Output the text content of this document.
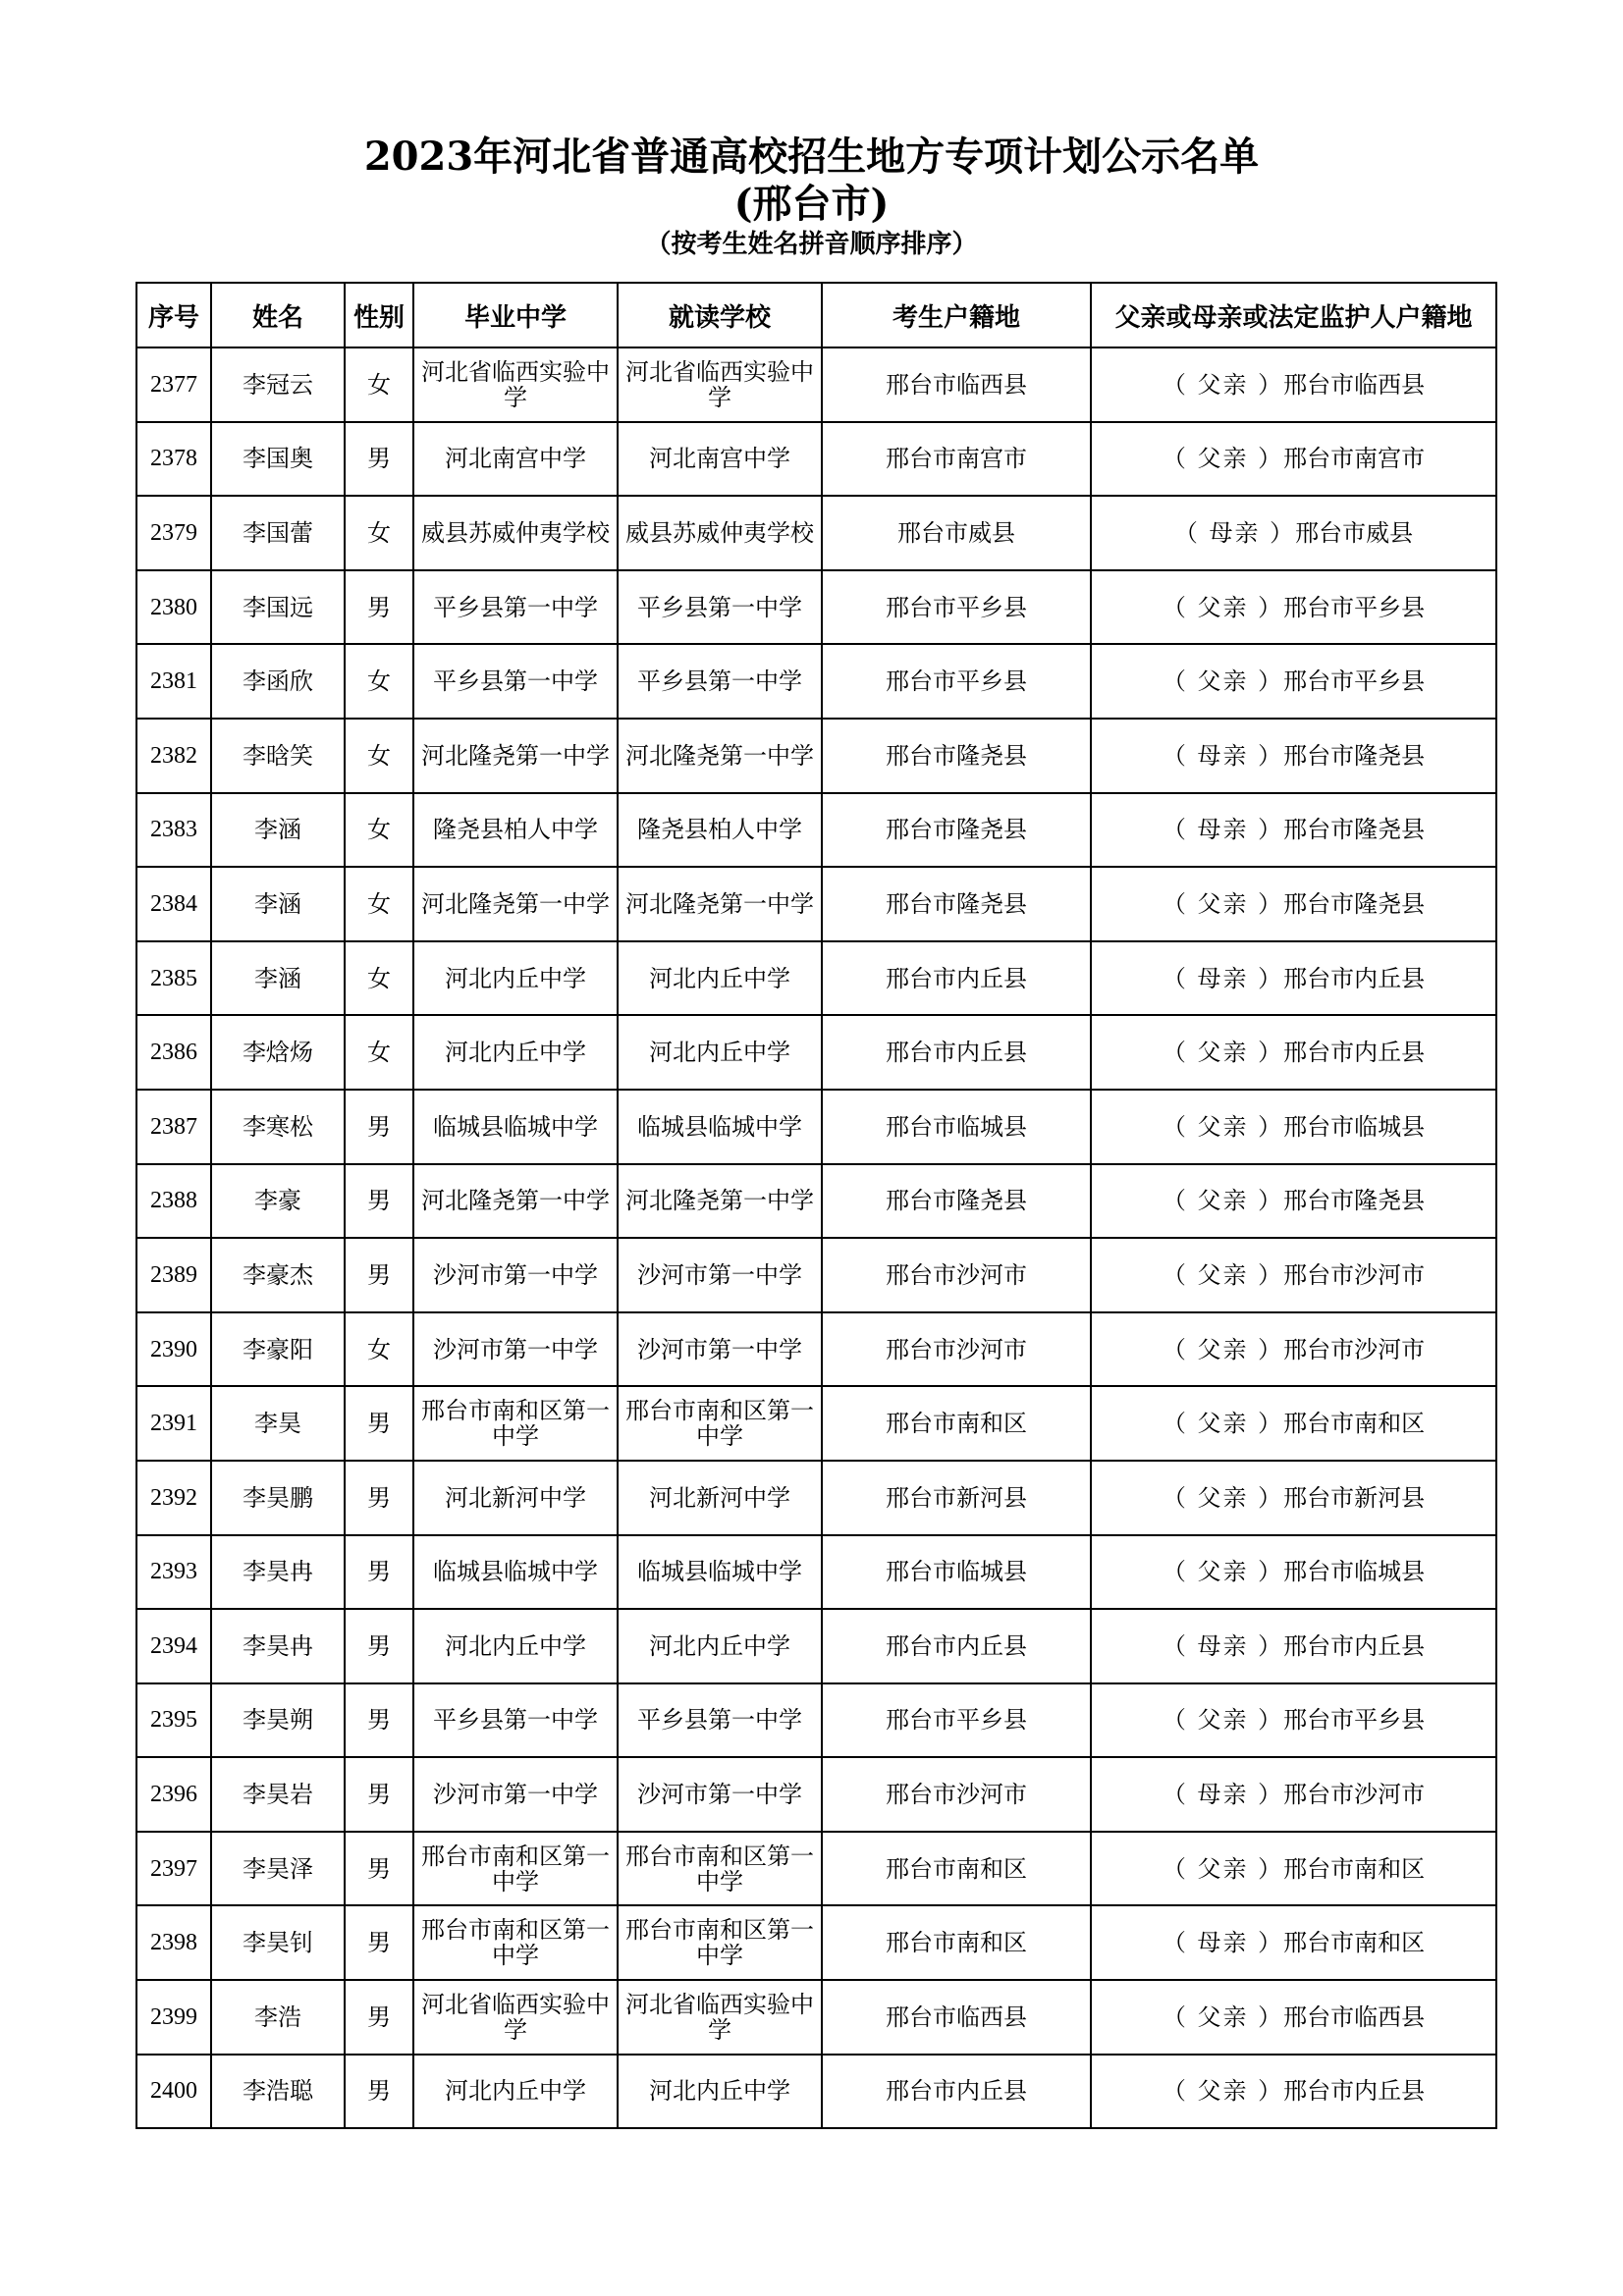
2023年河北省普通高校招生地方专项计划公示名单
(邢台市)
（按考生姓名拼音顺序排序）
序号	姓名	性别	毕业中学	就读学校	考生户籍地	父亲或母亲或法定监护人户籍地
2377	李冠云	女	河北省临西实验中学	河北省临西实验中学	邢台市临西县	（ 父亲 ）邢台市临西县
2378	李国奥	男	河北南宫中学	河北南宫中学	邢台市南宫市	（ 父亲 ）邢台市南宫市
2379	李国蕾	女	威县苏威仲夷学校	威县苏威仲夷学校	邢台市威县	（ 母亲 ）邢台市威县
2380	李国远	男	平乡县第一中学	平乡县第一中学	邢台市平乡县	（ 父亲 ）邢台市平乡县
2381	李函欣	女	平乡县第一中学	平乡县第一中学	邢台市平乡县	（ 父亲 ）邢台市平乡县
2382	李晗笑	女	河北隆尧第一中学	河北隆尧第一中学	邢台市隆尧县	（ 母亲 ）邢台市隆尧县
2383	李涵	女	隆尧县柏人中学	隆尧县柏人中学	邢台市隆尧县	（ 母亲 ）邢台市隆尧县
2384	李涵	女	河北隆尧第一中学	河北隆尧第一中学	邢台市隆尧县	（ 父亲 ）邢台市隆尧县
2385	李涵	女	河北内丘中学	河北内丘中学	邢台市内丘县	（ 母亲 ）邢台市内丘县
2386	李焓炀	女	河北内丘中学	河北内丘中学	邢台市内丘县	（ 父亲 ）邢台市内丘县
2387	李寒松	男	临城县临城中学	临城县临城中学	邢台市临城县	（ 父亲 ）邢台市临城县
2388	李豪	男	河北隆尧第一中学	河北隆尧第一中学	邢台市隆尧县	（ 父亲 ）邢台市隆尧县
2389	李豪杰	男	沙河市第一中学	沙河市第一中学	邢台市沙河市	（ 父亲 ）邢台市沙河市
2390	李豪阳	女	沙河市第一中学	沙河市第一中学	邢台市沙河市	（ 父亲 ）邢台市沙河市
2391	李昊	男	邢台市南和区第一中学	邢台市南和区第一中学	邢台市南和区	（ 父亲 ）邢台市南和区
2392	李昊鹏	男	河北新河中学	河北新河中学	邢台市新河县	（ 父亲 ）邢台市新河县
2393	李昊冉	男	临城县临城中学	临城县临城中学	邢台市临城县	（ 父亲 ）邢台市临城县
2394	李昊冉	男	河北内丘中学	河北内丘中学	邢台市内丘县	（ 母亲 ）邢台市内丘县
2395	李昊朔	男	平乡县第一中学	平乡县第一中学	邢台市平乡县	（ 父亲 ）邢台市平乡县
2396	李昊岩	男	沙河市第一中学	沙河市第一中学	邢台市沙河市	（ 母亲 ）邢台市沙河市
2397	李昊泽	男	邢台市南和区第一中学	邢台市南和区第一中学	邢台市南和区	（ 父亲 ）邢台市南和区
2398	李昊钊	男	邢台市南和区第一中学	邢台市南和区第一中学	邢台市南和区	（ 母亲 ）邢台市南和区
2399	李浩	男	河北省临西实验中学	河北省临西实验中学	邢台市临西县	（ 父亲 ）邢台市临西县
2400	李浩聪	男	河北内丘中学	河北内丘中学	邢台市内丘县	（ 父亲 ）邢台市内丘县
